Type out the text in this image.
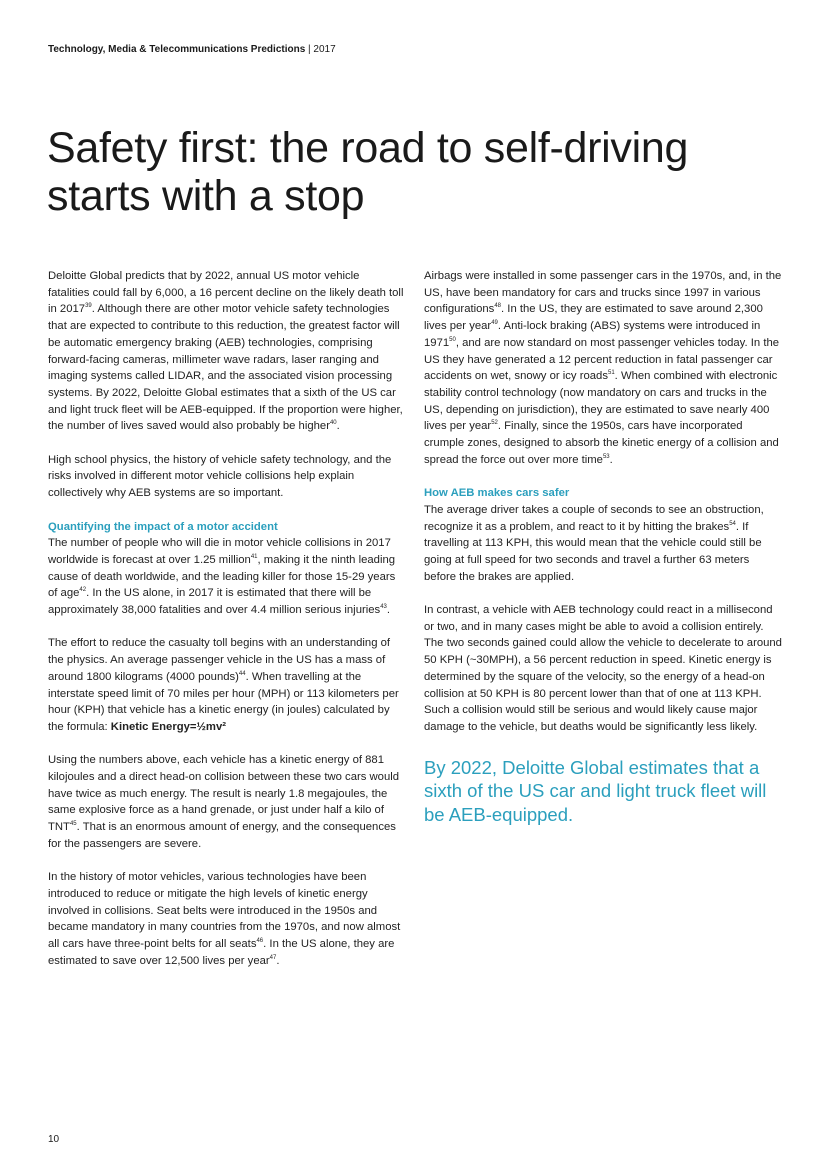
Technology, Media & Telecommunications Predictions | 2017
Safety first: the road to self-driving
starts with a stop

Deloitte Global predicts that by 2022, annual US motor vehicle fatalities could fall by 6,000, a 16 percent decline on the likely death toll in 2017$^{39}$. Although there are other motor vehicle safety technologies that are expected to contribute to this reduction, the greatest factor will be automatic emergency braking (AEB) technologies, comprising forward-facing cameras, millimeter wave radars, laser ranging and imaging systems called LIDAR, and the associated vision processing systems. By 2022, Deloitte Global estimates that a sixth of the US car and light truck fleet will be AEB-equipped. If the proportion were higher, the number of lives saved would also probably be higher$^{40}$.

High school physics, the history of vehicle safety technology, and the risks involved in different motor vehicle collisions help explain collectively why AEB systems are so important.

Quantifying the impact of a motor accident

The number of people who will die in motor vehicle collisions in 2017 worldwide is forecast at over 1.25 million$^{41}$, making it the ninth leading cause of death worldwide, and the leading killer for those 15-29 years of age$^{42}$. In the US alone, in 2017 it is estimated that there will be approximately 38,000 fatalities and over 4.4 million serious injuries$^{43}$.

The effort to reduce the casualty toll begins with an understanding of the physics. An average passenger vehicle in the US has a mass of around 1800 kilograms (4000 pounds)$^{44}$. When travelling at the interstate speed limit of 70 miles per hour (MPH) or 113 kilometers per hour (KPH) that vehicle has a kinetic energy (in joules) calculated by the formula: Kinetic Energy=½mv²

Using the numbers above, each vehicle has a kinetic energy of 881 kilojoules and a direct head-on collision between these two cars would have twice as much energy. The result is nearly 1.8 megajoules, the same explosive force as a hand grenade, or just under half a kilo of TNT$^{45}$. That is an enormous amount of energy, and the consequences for the passengers are severe.

In the history of motor vehicles, various technologies have been introduced to reduce or mitigate the high levels of kinetic energy involved in collisions. Seat belts were introduced in the 1950s and became mandatory in many countries from the 1970s, and now almost all cars have three-point belts for all seats$^{46}$. In the US alone, they are estimated to save over 12,500 lives per year$^{47}$.

Airbags were installed in some passenger cars in the 1970s, and, in the US, have been mandatory for cars and trucks since 1997 in various configurations$^{48}$. In the US, they are estimated to save around 2,300 lives per year$^{49}$. Anti-lock braking (ABS) systems were introduced in 1971$^{50}$, and are now standard on most passenger vehicles today. In the US they have generated a 12 percent reduction in fatal passenger car accidents on wet, snowy or icy roads$^{51}$. When combined with electronic stability control technology (now mandatory on cars and trucks in the US, depending on jurisdiction), they are estimated to save nearly 400 lives per year$^{52}$. Finally, since the 1950s, cars have incorporated crumple zones, designed to absorb the kinetic energy of a collision and spread the force out over more time$^{53}$.

How AEB makes cars safer

The average driver takes a couple of seconds to see an obstruction, recognize it as a problem, and react to it by hitting the brakes$^{54}$. If travelling at 113 KPH, this would mean that the vehicle could still be going at full speed for two seconds and travel a further 63 meters before the brakes are applied.

In contrast, a vehicle with AEB technology could react in a millisecond or two, and in many cases might be able to avoid a collision entirely. The two seconds gained could allow the vehicle to decelerate to around 50 KPH (~30MPH), a 56 percent reduction in speed. Kinetic energy is determined by the square of the velocity, so the energy of a head-on collision at 50 KPH is 80 percent lower than that of one at 113 KPH. Such a collision would still be serious and would likely cause major damage to the vehicle, but deaths would be significantly less likely.

By 2022, Deloitte Global estimates that a sixth of the US car and light truck fleet will be AEB-equipped.
10
